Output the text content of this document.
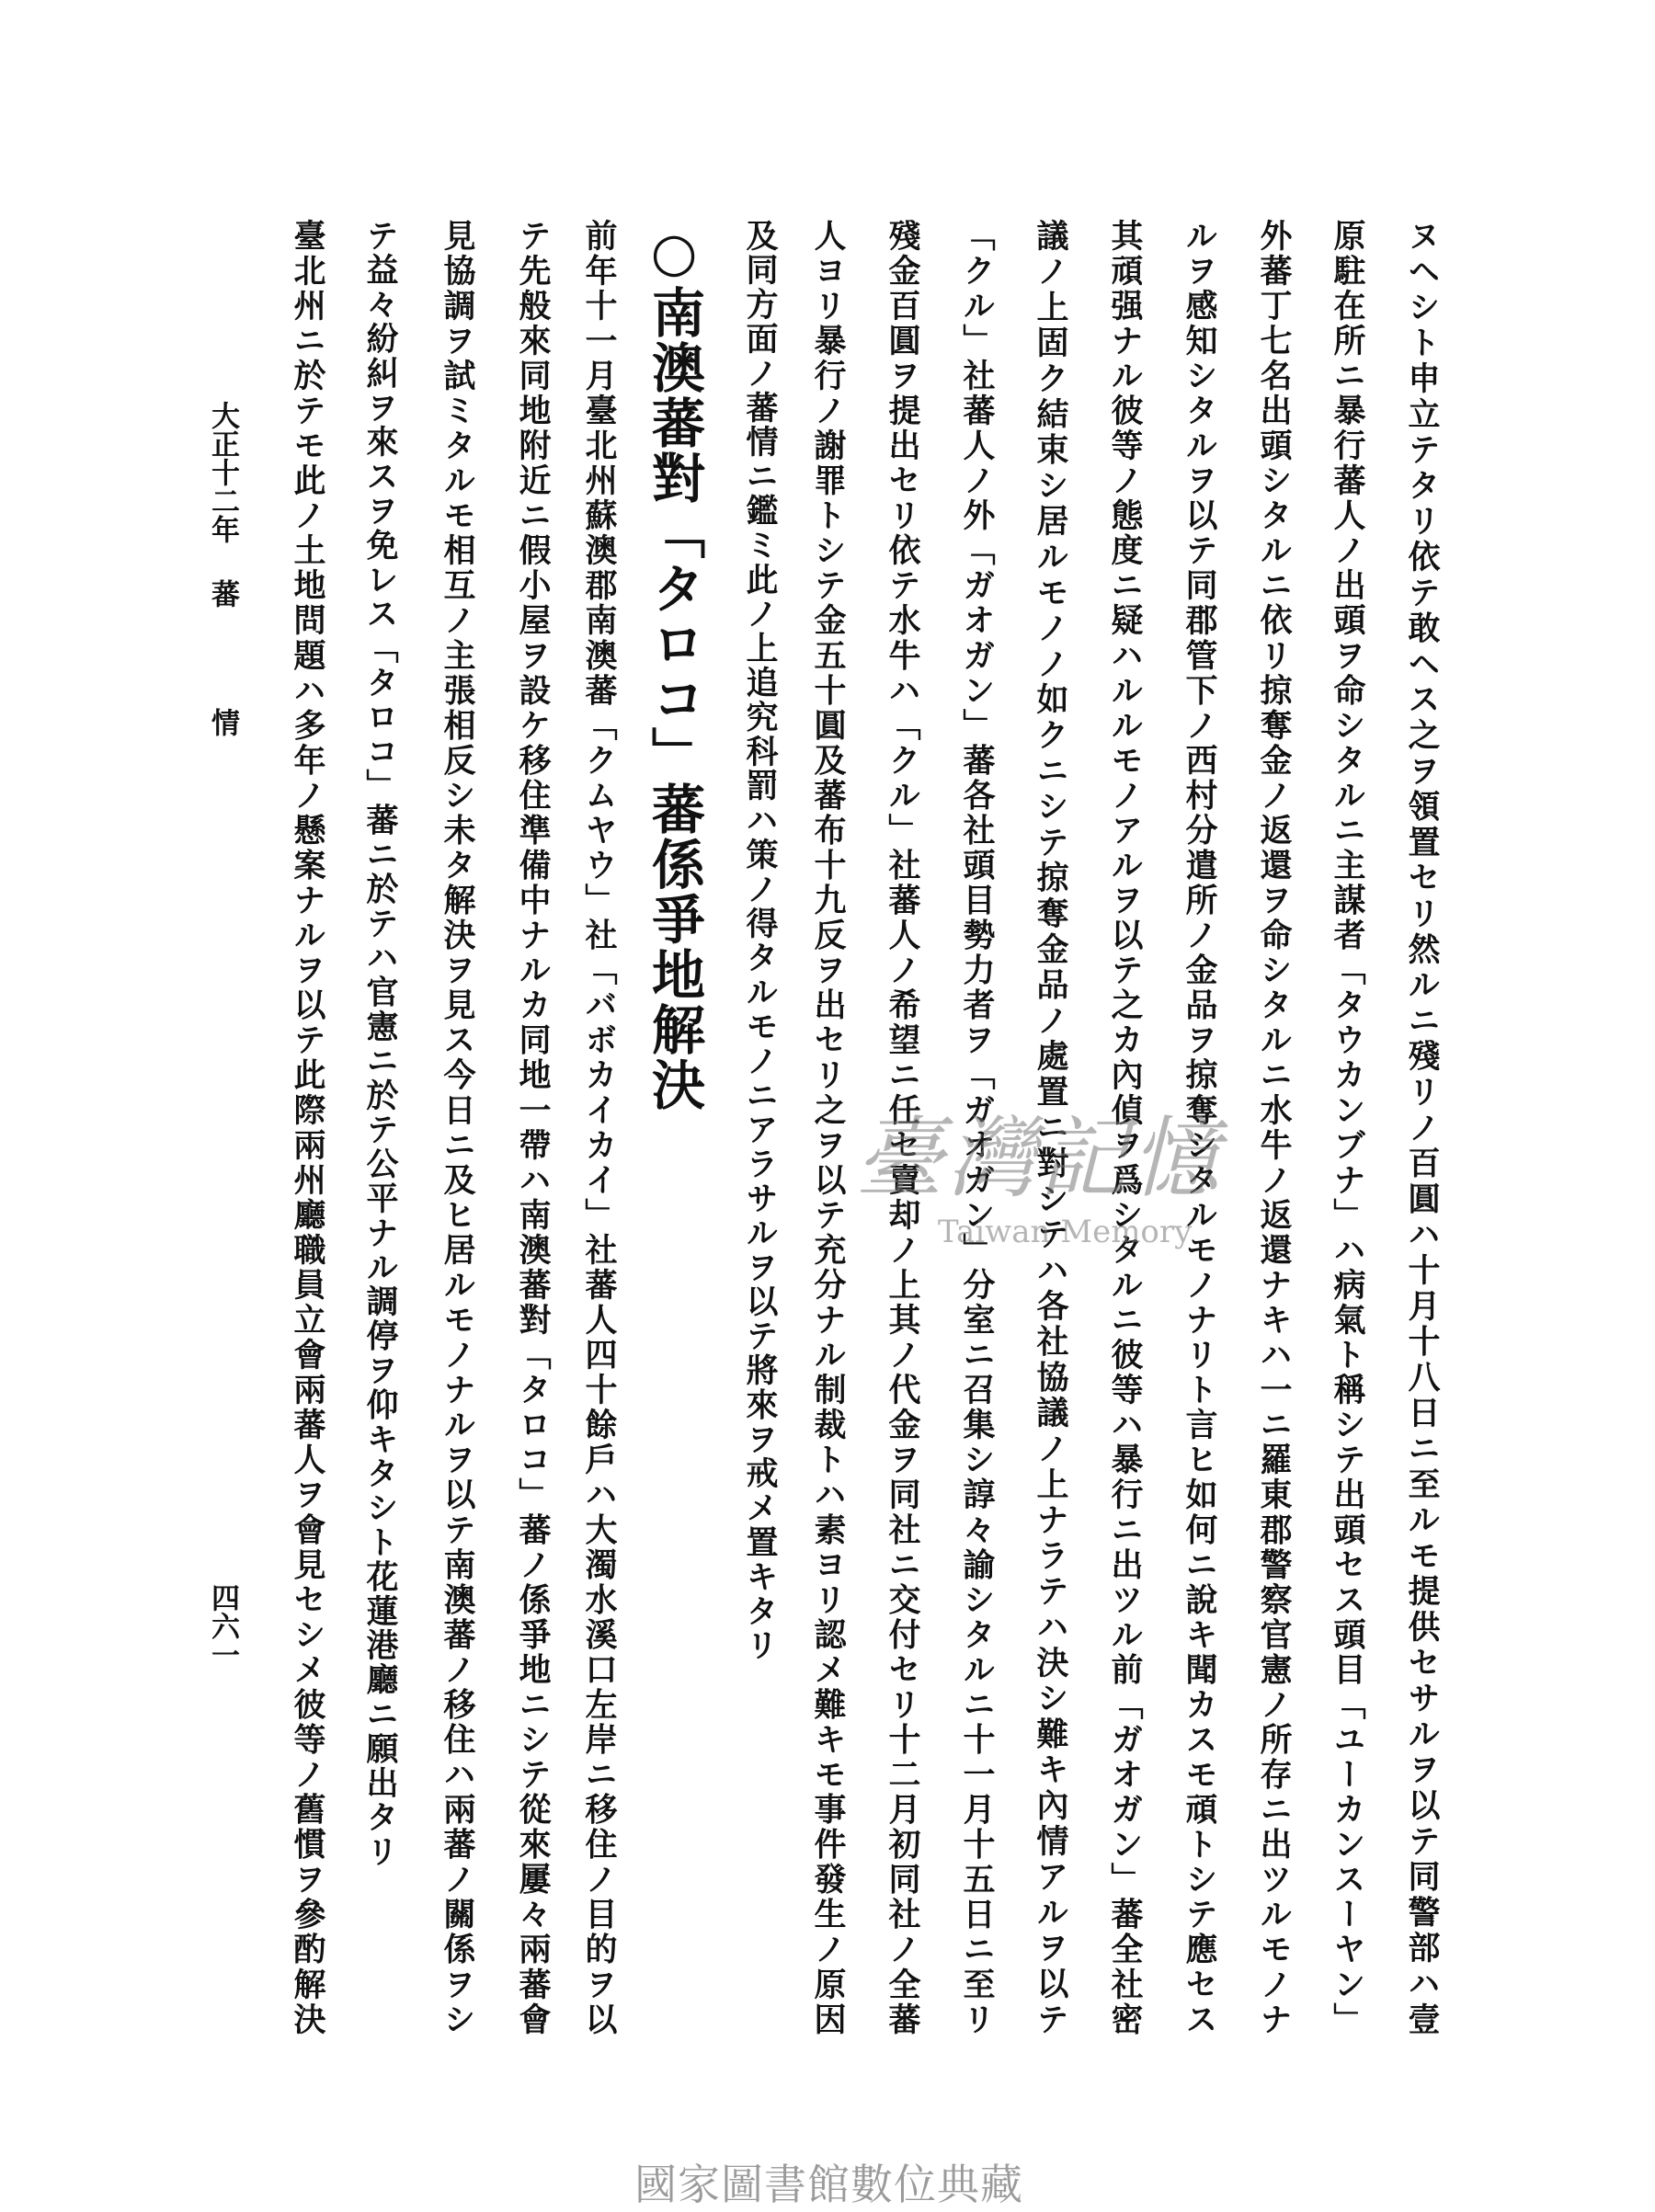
ヌヘシト申立テタリ依テ敢ヘス之ヲ領置セリ然ルニ殘リノ百圓ハ十月十八日ニ至ルモ提供セサルヲ以テ同警部ハ壹
原駐在所ニ暴行蕃人ノ出頭ヲ命シタルニ主謀者「タウカンブナ」ハ病氣ト稱シテ出頭セス頭目「ユーカンスーヤン」
外蕃丁七名出頭シタルニ依リ掠奪金ノ返還ヲ命シタルニ水牛ノ返還ナキハ一ニ羅東郡警察官憲ノ所存ニ出ツルモノナ
ルヲ感知シタルヲ以テ同郡管下ノ西村分遣所ノ金品ヲ掠奪シタルモノナリト言ヒ如何ニ說キ聞カスモ頑トシテ應セス
其頑强ナル彼等ノ態度ニ疑ハルルモノアルヲ以テ之カ內偵ヲ爲シタルニ彼等ハ暴行ニ出ツル前「ガオガン」蕃全社密
議ノ上固ク結束シ居ルモノノ如クニシテ掠奪金品ノ處置ニ對シテハ各社協議ノ上ナラテハ決シ難キ內情アルヲ以テ
「クル」社蕃人ノ外「ガオガン」蕃各社頭目勢力者ヲ「ガオガン」分室ニ召集シ諄々諭シタルニ十一月十五日ニ至リ
殘金百圓ヲ提出セリ依テ水牛ハ「クル」社蕃人ノ希望ニ任セ賣却ノ上其ノ代金ヲ同社ニ交付セリ十二月初同社ノ全蕃
人ヨリ暴行ノ謝罪トシテ金五十圓及蕃布十九反ヲ出セリ之ヲ以テ充分ナル制裁トハ素ヨリ認メ難キモ事件發生ノ原因
及同方面ノ蕃情ニ鑑ミ此ノ上追究科罰ハ策ノ得タルモノニアラサルヲ以テ將來ヲ戒メ置キタリ
○南澳蕃對「タロコ」蕃係爭地解決
前年十一月臺北州蘇澳郡南澳蕃「クムヤウ」社「バボカイカイ」社蕃人四十餘戶ハ大濁水溪口左岸ニ移住ノ目的ヲ以
テ先般來同地附近ニ假小屋ヲ設ケ移住準備中ナルカ同地一帶ハ南澳蕃對「タロコ」蕃ノ係爭地ニシテ從來屢々兩蕃會
見協調ヲ試ミタルモ相互ノ主張相反シ未タ解決ヲ見ス今日ニ及ヒ居ルモノナルヲ以テ南澳蕃ノ移住ハ兩蕃ノ關係ヲシ
テ益々紛糾ヲ來スヲ免レス「タロコ」蕃ニ於テハ官憲ニ於テ公平ナル調停ヲ仰キタシト花蓮港廳ニ願出タリ
臺北州ニ於テモ此ノ土地問題ハ多年ノ懸案ナルヲ以テ此際兩州廳職員立會兩蕃人ヲ會見セシメ彼等ノ舊慣ヲ參酌解決
大正十二年
蕃
情
四六一
臺灣記憶
Taiwan Memory
國家圖書館數位典藏
